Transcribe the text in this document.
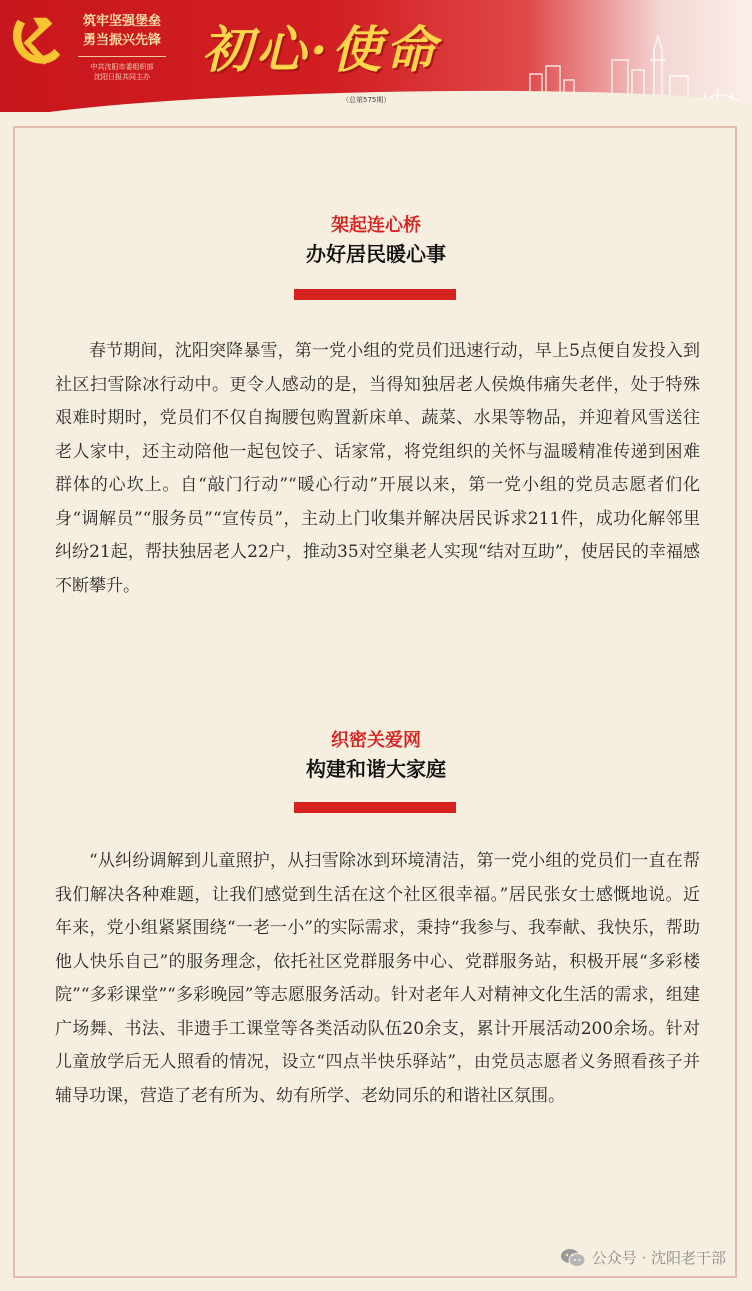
筑牢坚强堡垒
勇当振兴先锋
中共沈阳市委组织部
沈阳日报共同主办	初心·使命
（总第575期）
架起连心桥
办好居民暖心事

春节期间，沈阳突降暴雪，第一党小组的党员们迅速行动，早上5点便自发投入到社区扫雪除冰行动中。更令人感动的是，当得知独居老人侯焕伟痛失老伴，处于特殊艰难时期时，党员们不仅自掏腰包购置新床单、蔬菜、水果等物品，并迎着风雪送往老人家中，还主动陪他一起包饺子、话家常，将党组织的关怀与温暖精准传递到困难群体的心坎上。自“敲门行动”“暖心行动”开展以来，第一党小组的党员志愿者们化身“调解员”“服务员”“宣传员”，主动上门收集并解决居民诉求211件，成功化解邻里纠纷21起，帮扶独居老人22户，推动35对空巢老人实现“结对互助”，使居民的幸福感不断攀升。

织密关爱网
构建和谐大家庭

“从纠纷调解到儿童照护，从扫雪除冰到环境清洁，第一党小组的党员们一直在帮我们解决各种难题，让我们感觉到生活在这个社区很幸福。”居民张女士感慨地说。近年来，党小组紧紧围绕“一老一小”的实际需求，秉持“我参与、我奉献、我快乐，帮助他人快乐自己”的服务理念，依托社区党群服务中心、党群服务站，积极开展“多彩楼院”“多彩课堂”“多彩晚园”等志愿服务活动。针对老年人对精神文化生活的需求，组建广场舞、书法、非遗手工课堂等各类活动队伍20余支，累计开展活动200余场。针对儿童放学后无人照看的情况，设立“四点半快乐驿站”，由党员志愿者义务照看孩子并辅导功课，营造了老有所为、幼有所学、老幼同乐的和谐社区氛围。

公众号 · 沈阳老干部
